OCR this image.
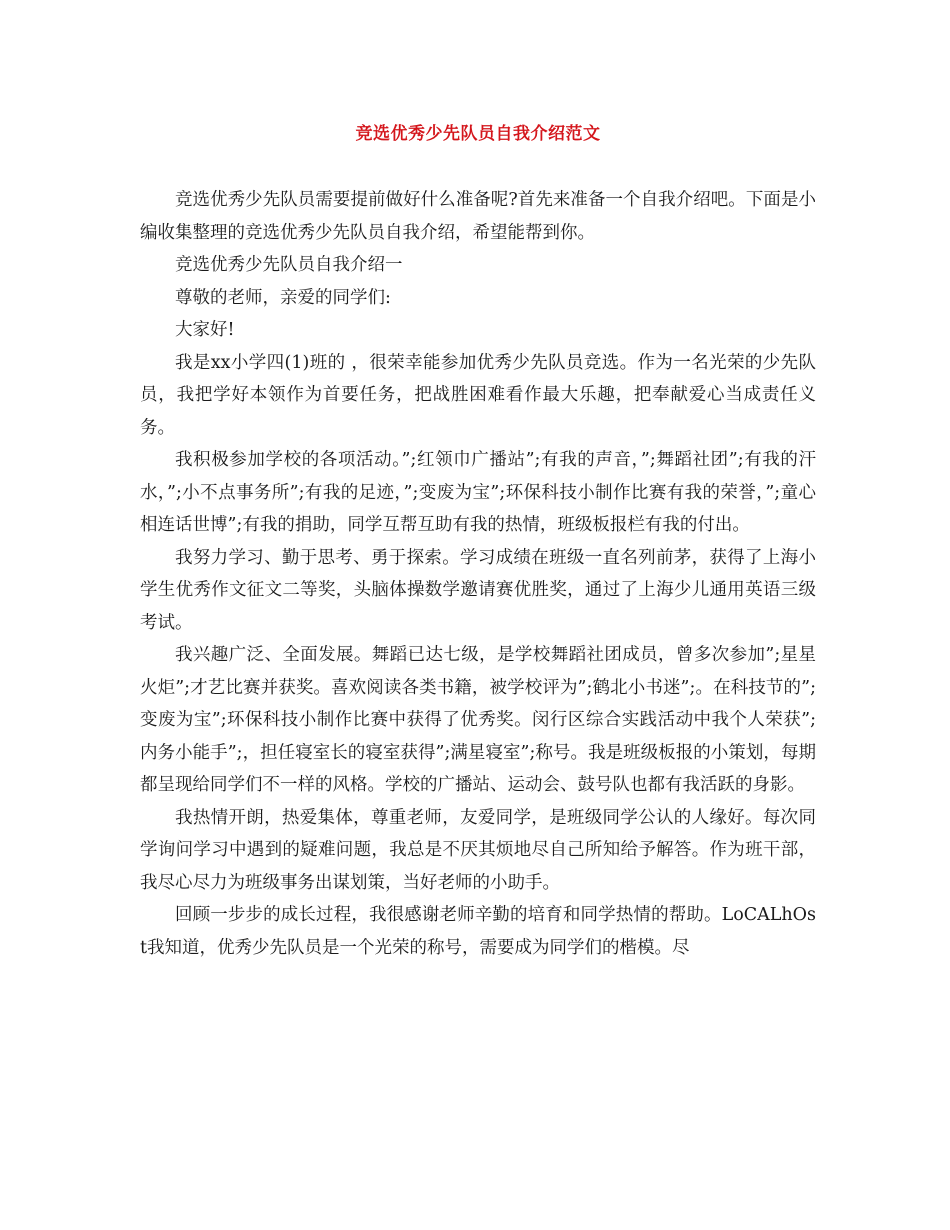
竞选优秀少先队员自我介绍范文

竞选优秀少先队员需要提前做好什么准备呢?首先来准备一个自我介绍吧。下面是小编收集整理的竞选优秀少先队员自我介绍，希望能帮到你。

竞选优秀少先队员自我介绍一

尊敬的老师，亲爱的同学们:

大家好!

我是xx小学四(1)班的 ，很荣幸能参加优秀少先队员竞选。作为一名光荣的少先队员，我把学好本领作为首要任务，把战胜困难看作最大乐趣，把奉献爱心当成责任义务。

我积极参加学校的各项活动。”;红领巾广播站”;有我的声音，”;舞蹈社团”;有我的汗水，”;小不点事务所”;有我的足迹，”;变废为宝”;环保科技小制作比赛有我的荣誉，”;童心相连话世博”;有我的捐助，同学互帮互助有我的热情，班级板报栏有我的付出。

我努力学习、勤于思考、勇于探索。学习成绩在班级一直名列前茅，获得了上海小学生优秀作文征文二等奖，头脑体操数学邀请赛优胜奖，通过了上海少儿通用英语三级考试。

我兴趣广泛、全面发展。舞蹈已达七级，是学校舞蹈社团成员，曾多次参加”;星星火炬”;才艺比赛并获奖。喜欢阅读各类书籍，被学校评为”;鹤北小书迷”;。在科技节的”;变废为宝”;环保科技小制作比赛中获得了优秀奖。闵行区综合实践活动中我个人荣获”;内务小能手”;，担任寝室长的寝室获得”;满星寝室”;称号。我是班级板报的小策划，每期都呈现给同学们不一样的风格。学校的广播站、运动会、鼓号队也都有我活跃的身影。

我热情开朗，热爱集体，尊重老师，友爱同学，是班级同学公认的人缘好。每次同学询问学习中遇到的疑难问题，我总是不厌其烦地尽自己所知给予解答。作为班干部，我尽心尽力为班级事务出谋划策，当好老师的小助手。

回顾一步步的成长过程，我很感谢老师辛勤的培育和同学热情的帮助。LoCALhOst我知道，优秀少先队员是一个光荣的称号，需要成为同学们的楷模。尽
